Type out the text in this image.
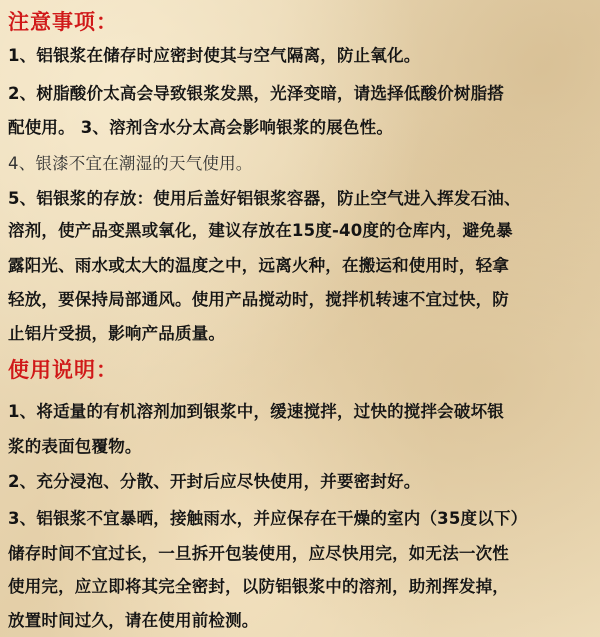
注意事项：
1、铝银浆在储存时应密封使其与空气隔离，防止氧化。
2、树脂酸价太高会导致银浆发黑，光泽变暗，请选择低酸价树脂搭
配使用。 3、溶剂含水分太高会影响银浆的展色性。
4、银漆不宜在潮湿的天气使用。
5、铝银浆的存放：使用后盖好铝银浆容器，防止空气进入挥发石油、
溶剂，使产品变黑或氧化，建议存放在15度-40度的仓库内，避免暴
露阳光、雨水或太大的温度之中，远离火种，在搬运和使用时，轻拿
轻放，要保持局部通风。使用产品搅动时，搅拌机转速不宜过快，防
止铝片受损，影响产品质量。
使用说明：
1、将适量的有机溶剂加到银浆中，缓速搅拌，过快的搅拌会破坏银
浆的表面包覆物。
2、充分浸泡、分散、开封后应尽快使用，并要密封好。
3、铝银浆不宜暴晒，接触雨水，并应保存在干燥的室内（35度以下）
储存时间不宜过长，一旦拆开包装使用，应尽快用完，如无法一次性
使用完，应立即将其完全密封，以防铝银浆中的溶剂，助剂挥发掉，
放置时间过久，请在使用前检测。
